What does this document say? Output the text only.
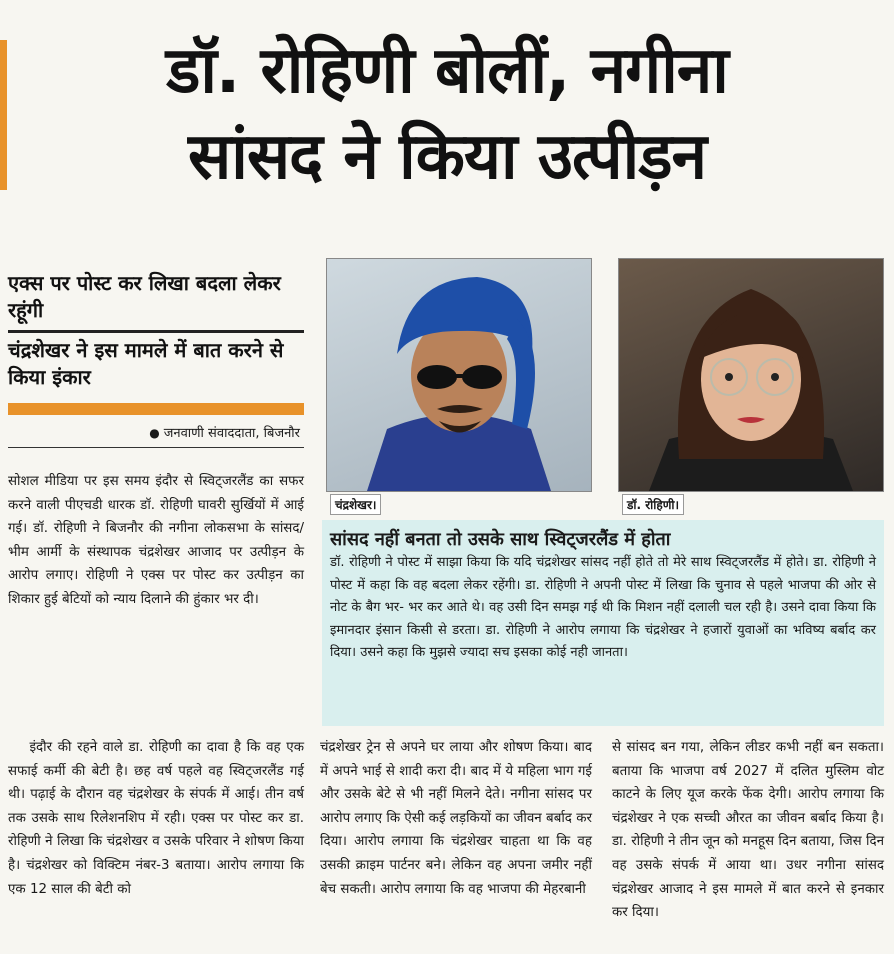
डॉ. रोहिणी बोलीं, नगीना
सांसद ने किया उत्पीड़न
एक्स पर पोस्ट कर लिखा बदला लेकर रहूंगी
चंद्रशेखर ने इस मामले में बात करने से किया इंकार
● जनवाणी संवाददाता, बिजनौर
सोशल मीडिया पर इस समय इंदौर से स्विट्जरलैंड का सफर करने वाली पीएचडी धारक डॉ. रोहिणी घावरी सुर्खियों में आई गई। डॉ. रोहिणी ने बिजनौर की नगीना लोकसभा के सांसद/भीम आर्मी के संस्थापक चंद्रशेखर आजाद पर उत्पीड़न के आरोप लगाए। रोहिणी ने एक्स पर पोस्ट कर उत्पीड़न का शिकार हुई बेटियों को न्याय दिलाने की हुंकार भर दी।
इंदौर की रहने वाले डा. रोहिणी का दावा है कि वह एक सफाई कर्मी की बेटी है। छह वर्ष पहले वह स्विट्जरलैंड गई थी। पढ़ाई के दौरान वह चंद्रशेखर के संपर्क में आई। तीन वर्ष तक उसके साथ रिलेशनशिप में रही। एक्स पर पोस्ट कर डा. रोहिणी ने लिखा कि चंद्रशेखर व उसके परिवार ने शोषण किया है। चंद्रशेखर को विक्टिम नंबर-3 बताया। आरोप लगाया कि एक 12 साल की बेटी को
चंद्रशेखर ट्रेन से अपने घर लाया और शोषण किया। बाद में अपने भाई से शादी करा दी। बाद में ये महिला भाग गई और उसके बेटे से भी नहीं मिलने देते। नगीना सांसद पर आरोप लगाए कि ऐसी कई लड़कियों का जीवन बर्बाद कर दिया। आरोप लगाया कि चंद्रशेखर चाहता था कि वह उसकी क्राइम पार्टनर बने। लेकिन वह अपना जमीर नहीं बेच सकती। आरोप लगाया कि वह भाजपा की मेहरबानी
से सांसद बन गया, लेकिन लीडर कभी नहीं बन सकता। बताया कि भाजपा वर्ष 2027 में दलित मुस्लिम वोट काटने के लिए यूज करके फेंक देगी। आरोप लगाया कि चंद्रशेखर ने एक सच्ची औरत का जीवन बर्बाद किया है। डा. रोहिणी ने तीन जून को मनहूस दिन बताया, जिस दिन वह उसके संपर्क में आया था। उधर नगीना सांसद चंद्रशेखर आजाद ने इस मामले में बात करने से इनकार कर दिया।
चंद्रशेखर।	डॉ. रोहिणी।
सांसद नहीं बनता तो उसके साथ स्विट्जरलैंड में होता
डॉ. रोहिणी ने पोस्ट में साझा किया कि यदि चंद्रशेखर सांसद नहीं होते तो मेरे साथ स्विट्जरलैंड में होते। डा. रोहिणी ने पोस्ट में कहा कि वह बदला लेकर रहेंगी। डा. रोहिणी ने अपनी पोस्ट में लिखा कि चुनाव से पहले भाजपा की ओर से नोट के बैग भर- भर कर आते थे। वह उसी दिन समझ गई थी कि मिशन नहीं दलाली चल रही है। उसने दावा किया कि इमानदार इंसान किसी से डरता। डा. रोहिणी ने आरोप लगाया कि चंद्रशेखर ने हजारों युवाओं का भविष्य बर्बाद कर दिया। उसने कहा कि मुझसे ज्यादा सच इसका कोई नही जानता।
